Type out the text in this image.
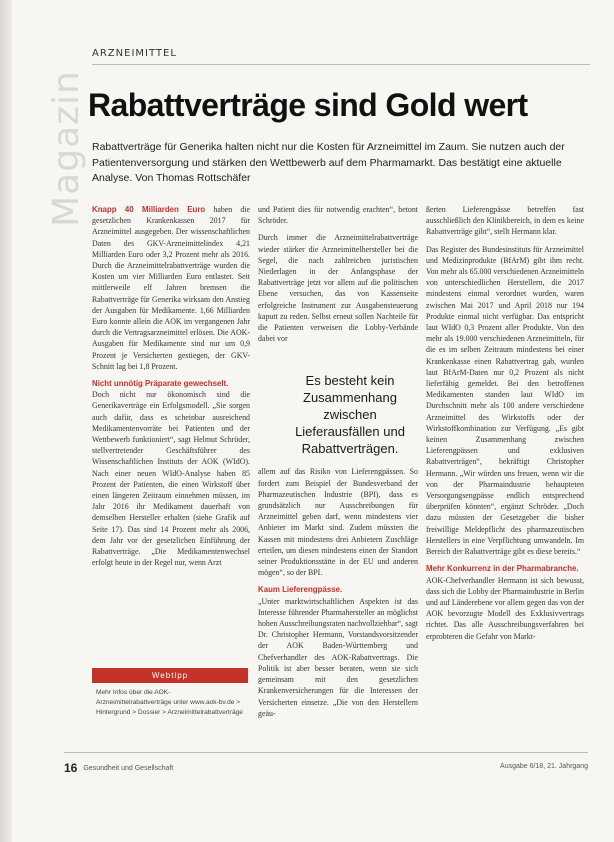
Magazin
ARZNEIMITTEL
Rabattverträge sind Gold wert
Rabattverträge für Generika halten nicht nur die Kosten für Arzneimittel im Zaum. Sie nutzen auch der Patientenversorgung und stärken den Wettbewerb auf dem Pharmamarkt. Das bestätigt eine aktuelle Analyse. Von Thomas Rottschäfer

Knapp 40 Milliarden Euro haben die gesetzlichen Krankenkassen 2017 für Arzneimittel ausgegeben. Der wissenschaftlichen Daten des GKV-Arzneimittelindex 4,21 Milliarden Euro oder 3,2 Prozent mehr als 2016. Durch die Arzneimittelrabattverträge wurden die Kosten um vier Milliarden Euro entlastet. Seit mittlerweile elf Jahren bremsen die Rabattverträge für Generika wirksam den Anstieg der Ausgaben für Medikamente. 1,66 Milliarden Euro konnte allein die AOK im vergangenen Jahr durch die Vertragsarzneimittel erlösen. Die AOK-Ausgaben für Medikamente sind nur um 0,9 Prozent je Versicherten gestiegen, der GKV-Schnitt lag bei 1,8 Prozent.

Nicht unnötig Präparate gewechselt.
Doch nicht nur ökonomisch sind die Generikaverträge ein Erfolgsmodell. „Sie sorgen auch dafür, dass es scheinbar ausreichend Medikamentenvorräte bei Patienten und der Wettbewerb funktioniert“, sagt Helmut Schröder, stellvertretender Geschäftsführer des Wissenschaftlichen Instituts der AOK (WIdO). Nach einer neuen WIdO-Analyse haben 85 Prozent der Patienten, die einen Wirkstoff über einen längeren Zeitraum einnehmen müssen, im Jahr 2016 ihr Medikament dauerhaft von demselben Hersteller erhalten (siehe Grafik auf Seite 17). Das sind 14 Prozent mehr als 2006, dem Jahr vor der gesetzlichen Einführung der Rabattverträge. „Die Medikamentenwechsel erfolgt heute in der Regel nur, wenn Arzt

und Patient dies für notwendig erachten“, betont Schröder.

Durch immer die Arzneimittelrabattverträge wieder stärker die Arzneimittelhersteller bei die Segel, die nach zahlreichen juristischen Niederlagen in der Anfangsphase der Rabattverträge jetzt vor allem auf die politischen Ebene versuchen, das von Kassenseite erfolgreiche Instrument zur Ausgabensteuerung kaputt zu reden. Selbst erneut sollen Nachteile für die Patienten verweisen die Lobby-Verbände dabei vor

allem auf das Risiko von Lieferengpässen. So fordert zum Beispiel der Bundesverband der Pharmazeutischen Industrie (BPI), dass es grundsätzlich nur Ausschreibungen für Arzneimittel geben darf, wenn mindestens vier Anbieter im Markt sind. Zudem müssten die Kassen mit mindestens drei Anbietern Zuschläge erteilen, um diesen mindestens einen der Standort seiner Produktionsstätte in der EU und anderen mögen“, so der BPI.

Kaum Lieferengpässe.
„Unter marktwirtschaftlichen Aspekten ist das Interesse führender Pharmahersteller an möglichst hohen Ausschreibungsraten nachvollziehbar“, sagt Dr. Christopher Hermann, Vorstandsvorsitzender der AOK Baden-Württemberg und Chefverhandler des AOK-Rabattvertrags. Die Politik ist aber besser beraten, wenn sie sich gemeinsam mit den gesetzlichen Krankenversicherungen für die Interessen der Versicherten einsetze. „Die von den Herstellern geäu-

ßerten Lieferengpässe betreffen fast ausschließlich den Klinikbereich, in dem es keine Rabattverträge gibt“, stellt Hermann klar.

Das Register des Bundesinstituts für Arzneimittel und Medizinprodukte (BfArM) gibt ihm recht. Von mehr als 65.000 verschiedenen Arzneimitteln von unterschiedlichen Herstellern, die 2017 mindestens einmal verordnet wurden, waren zwischen Mai 2017 und April 2018 nur 194 Produkte einmal nicht verfügbar. Das entspricht laut WIdO 0,3 Prozent aller Produkte. Von den mehr als 19.000 verschiedenen Arzneimitteln, für die es im selben Zeitraum mindestens bei einer Krankenkasse einen Rabattvertrag gab, wurden laut BfArM-Daten nur 0,2 Prozent als nicht lieferfähig gemeldet. Bei den betroffenen Medikamenten standen laut WIdO im Durchschnitt mehr als 100 andere verschiedene Arzneimittel des Wirkstoffs oder der Wirkstoffkombination zur Verfügung. „Es gibt keinen Zusammenhang zwischen Lieferengpässen und exklusiven Rabattverträgen“, bekräftigt Christopher Hermann. „Wir würden uns freuen, wenn wir die von der Pharmaindustrie behaupteten Versorgungsengpässe endlich entsprechend überprüfen könnten“, ergänzt Schröder. „Doch dazu müssten der Gesetzgeber die bisher freiwillige Meldepflicht des pharmazeutischen Herstellers in eine Verpflichtung umwandeln. Im Bereich der Rabattverträge gibt es diese bereits.“

Mehr Konkurrenz in der Pharmabranche.
AOK-Chefverhandler Hermann ist sich bewusst, dass sich die Lobby der Pharmaindustrie in Berlin und auf Länderebene vor allem gegen das von der AOK bevorzugte Modell des Exklusivvertrags richtet. Das alle Ausschreibungsverfahren bei erprobteren die Gefahr von Markt-

Es besteht kein Zusammenhang zwischen Lieferausfällen und Rabattverträgen.
Webtipp
Mehr Infos über die AOK-Arzneimittelrabattverträge unter www.aok-bv.de > Hintergrund > Dossier > Arzneimittelrabattverträge
16 Gesundheit und Gesellschaft	Ausgabe 6/18, 21. Jahrgang
